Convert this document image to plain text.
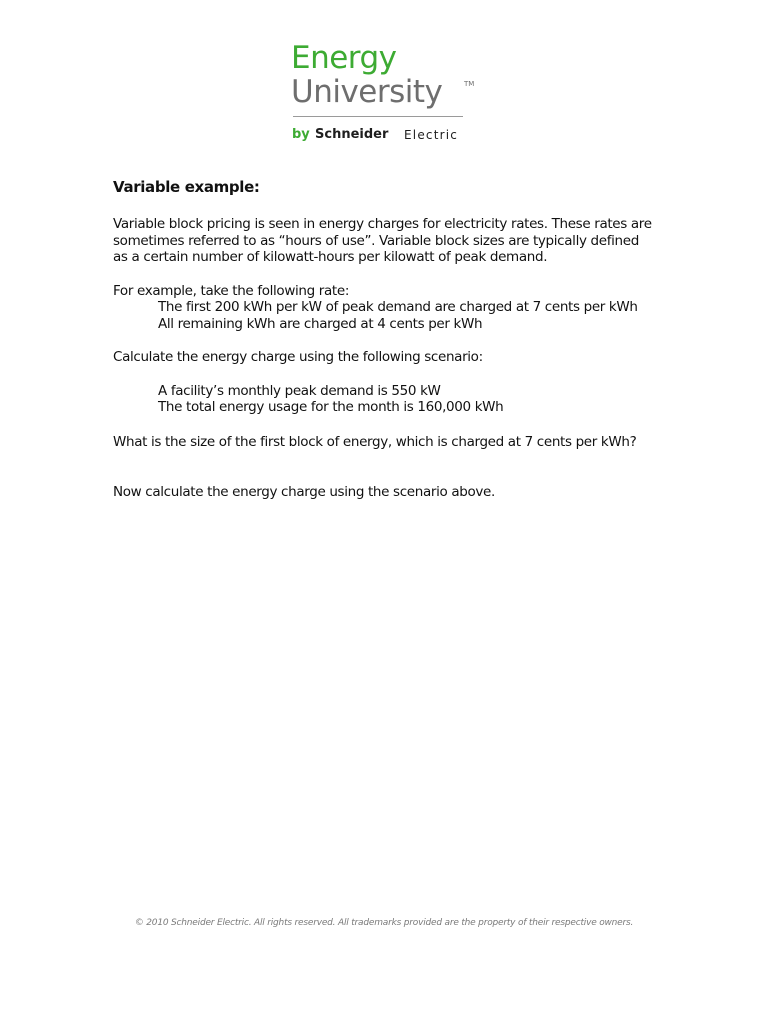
Energy
University	TM
by Schneider Electric
Variable example:

Variable block pricing is seen in energy charges for electricity rates. These rates are

sometimes referred to as “hours of use”. Variable block sizes are typically defined

as a certain number of kilowatt-hours per kilowatt of peak demand.

For example, take the following rate:

The first 200 kWh per kW of peak demand are charged at 7 cents per kWh

All remaining kWh are charged at 4 cents per kWh

Calculate the energy charge using the following scenario:

A facility’s monthly peak demand is 550 kW

The total energy usage for the month is 160,000 kWh

What is the size of the first block of energy, which is charged at 7 cents per kWh?

Now calculate the energy charge using the scenario above.

© 2010 Schneider Electric. All rights reserved. All trademarks provided are the property of their respective owners.
